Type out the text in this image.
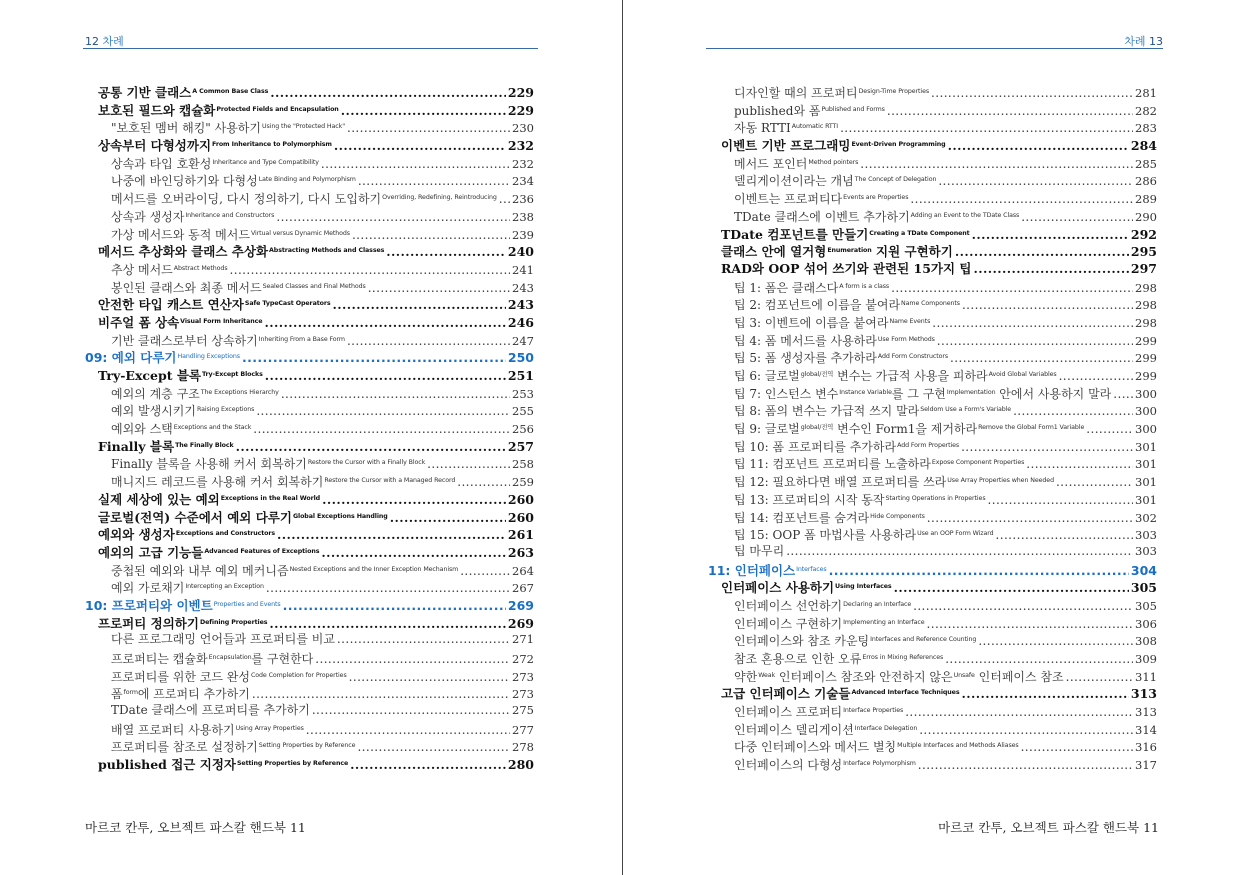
12 차례
공통 기반 클래스$^{A Common Base Class}$ .....	229
보호된 필드와 캡슐화$^{Protected Fields and Encapsulation}$ .....	229
"보호된 멤버 해킹" 사용하기$^{Using the "Protected Hack"}$ .....	230
상속부터 다형성까지$^{From Inheritance to Polymorphism}$ .....	232
상속과 타입 호환성$^{Inheritance and Type Compatibility}$ .....	232
나중에 바인딩하기와 다형성$^{Late Binding and Polymorphism}$ .....	234
메서드를 오버라이딩, 다시 정의하기, 다시 도입하기$^{Overriding, Redefining, Reintroducing}$ ..... 236
상속과 생성자$^{Inheritance and Constructors}$ .....	238
가상 메서드와 동적 메서드$^{Virtual versus Dynamic Methods}$ .....	239
메서드 추상화와 클래스 추상화$^{Abstracting Methods and Classes}$ .....	240
추상 메서드$^{Abstract Methods}$ .....	241
봉인된 클래스와 최종 메서드$^{Sealed Classes and Final Methods}$ .....	243
안전한 타입 캐스트 연산자$^{Safe TypeCast Operators}$ .....	243
비주얼 폼 상속$^{Visual Form Inheritance}$ .....	246
기반 클래스로부터 상속하기$^{Inheriting From a Base Form}$ .....	247
09: 예외 다루기$^{Handling Exceptions}$ .....	250
Try-Except 블록$^{Try-Except Blocks}$ .....	251
예외의 계층 구조$^{The Exceptions Hierarchy}$ .....	253
예외 발생시키기$^{Raising Exceptions}$ .....	255
예외와 스택$^{Exceptions and the Stack}$ .....	256
Finally 블록$^{The Finally Block}$ .....	257
Finally 블록을 사용해 커서 회복하기$^{Restore the Cursor with a Finally Block}$ .....	258
매니지드 레코드를 사용해 커서 회복하기$^{Restore the Cursor with a Managed Record}$ .....	259
실제 세상에 있는 예외$^{Exceptions in the Real World}$ .....	260
글로벌(전역) 수준에서 예외 다루기$^{Global Exceptions Handling}$ .....	260
예외와 생성자$^{Exceptions and Constructors}$ .....	261
예외의 고급 기능들$^{Advanced Features of Exceptions}$ .....	263
중첩된 예외와 내부 예외 메커니즘$^{Nested Exceptions and the Inner Exception Mechanism}$ .....	264
예외 가로채기$^{Intercepting an Exception}$ .....	267
10: 프로퍼티와 이벤트$^{Properties and Events}$ .....	269
프로퍼티 정의하기$^{Defining Properties}$ .....	269
다른 프로그래밍 언어들과 프로퍼티를 비교 .....	271
프로퍼티는 캡슐화$^{Encapsulation}$를 구현한다 .....	272
프로퍼티를 위한 코드 완성$^{Code Completion for Properties}$ .....	273
폼$^{form}$에 프로퍼티 추가하기 .....	273
TDate 클래스에 프로퍼티를 추가하기 .....	275
배열 프로퍼티 사용하기$^{Using Array Properties}$ .....	277
프로퍼티를 참조로 설정하기$^{Setting Properties by Reference}$ .....	278
published 접근 지정자$^{Setting Properties by Reference}$ .....	280
마르코 칸투, 오브젝트 파스칼 핸드북 11
차례 13
디자인할 때의 프로퍼티$^{Design-Time Properties}$ .....	281
published와 폼$^{Published and Forms}$ .....	282
자동 $RTTI^{Automatic RTTI}$ .....	283
이벤트 기반 프로그래밍$^{Event-Driven Programming}$ .....	284
메서드 포인터$^{Method pointers}$ .....	285
델리게이션이라는 개념$^{The Concept of Delegation}$ .....	286
이벤트는 프로퍼티다$^{Events are Properties}$ .....	289
TDate 클래스에 이벤트 추가하기$^{Adding an Event to the TDate Class}$ .....	290
TDate 컴포넌트를 만들기$^{Creating a TDate Component}$ .....	292
클래스 안에 열거형$^{Enumeration}$ 지원 구현하기 .....	295
RAD와 OOP 섞어 쓰기와 관련된 15가지 팁 .....	297
팁 1: 폼은 클래스다$^{A form is a class}$ .....	298
팁 2: 컴포넌트에 이름을 붙여라$^{Name Components}$ .....	298
팁 3: 이벤트에 이름을 붙여라$^{Name Events}$ .....	298
팁 4: 폼 메서드를 사용하라$^{Use Form Methods}$ .....	299
팁 5: 폼 생성자를 추가하라$^{Add Form Constructors}$ .....	299
팁 6: 글로벌$^{global/전역}$ 변수는 가급적 사용을 피하라$^{Avoid Global Variables}$ .....	299
팁 7: 인스턴스 변수$^{Instance Variable}$를 그 구현$^{Implementation}$ 안에서 사용하지 말라 ..... 300
팁 8: 폼의 변수는 가급적 쓰지 말라$^{Seldom Use a Form's Variable}$ .....	300
팁 9: 글로벌$^{global/전역}$ 변수인 Form1을 제거하라$^{Remove the Global Form1 Variable}$ .....	300
팁 10: 폼 프로퍼티를 추가하라$^{Add Form Properties}$ .....	301
팁 11: 컴포넌트 프로퍼티를 노출하라$^{Expose Component Properties}$ .....	301
팁 12: 필요하다면 배열 프로퍼티를 쓰라$^{Use Array Properties when Needed}$ .....	301
팁 13: 프로퍼티의 시작 동작$^{Starting Operations in Properties}$ .....	301
팁 14: 컴포넌트를 숨겨라$^{Hide Components}$ .....	302
팁 15: OOP 폼 마법사를 사용하라$^{Use an OOP Form Wizard}$ .....	303
팁 마무리 .....	303
11: 인터페이스$^{Interfaces}$ .....	304
인터페이스 사용하기$^{Using Interfaces}$ .....	305
인터페이스 선언하기$^{Declaring an Interface}$ .....	305
인터페이스 구현하기$^{Implementing an Interface}$ .....	306
인터페이스와 참조 카운팅$^{Interfaces and Reference Counting}$ .....	308
참조 혼용으로 인한 오류$^{Erros in Mixing References}$ .....	309
약한$^{Weak}$ 인터페이스 참조와 안전하지 않은$^{Unsafe}$ 인터페이스 참조 .....	311
고급 인터페이스 기술들$^{Advanced Interface Techniques}$ .....	313
인터페이스 프로퍼티$^{Interface Properties}$ .....	313
인터페이스 델리게이션$^{Interface Delegation}$ .....	314
다중 인터페이스와 메서드 별칭$^{Multiple Interfaces and Methods Aliases}$ .....	316
인터페이스의 다형성$^{Interface Polymorphism}$ .....	317
마르코 칸투, 오브젝트 파스칼 핸드북 11
